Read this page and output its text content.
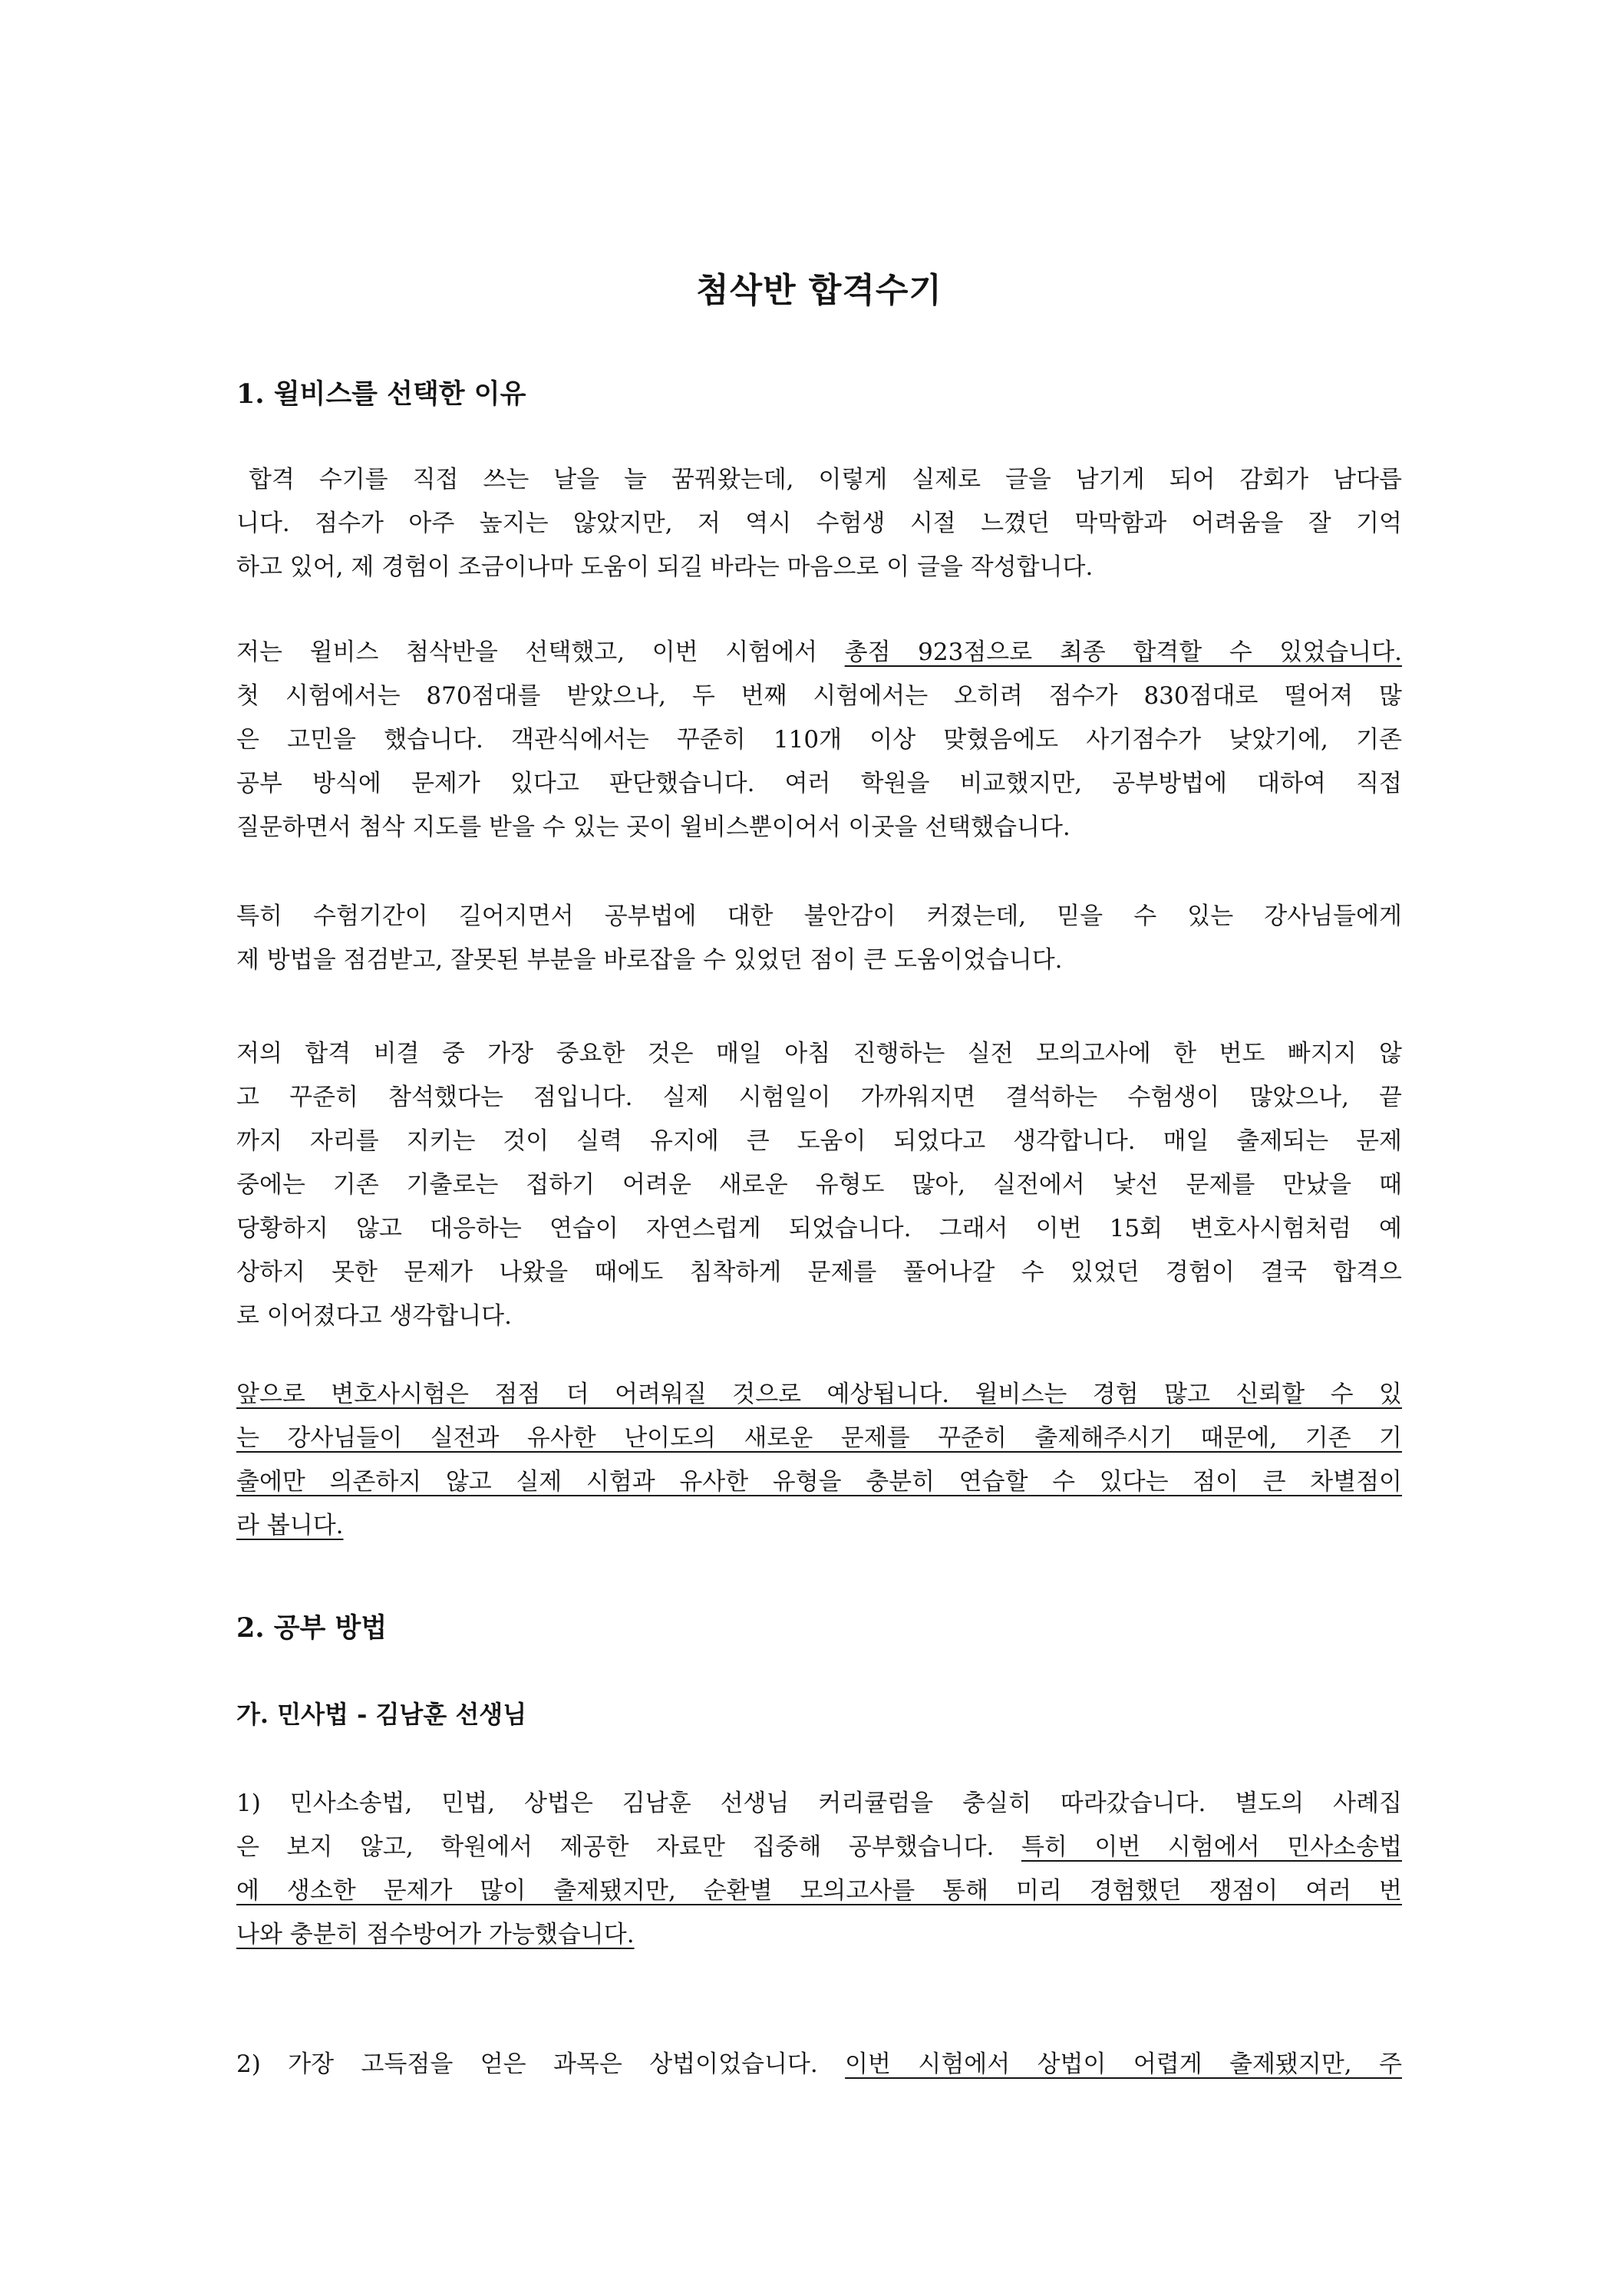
첨삭반 합격수기
1. 윌비스를 선택한 이유
합격 수기를 직접 쓰는 날을 늘 꿈꿔왔는데, 이렇게 실제로 글을 남기게 되어 감회가 남다릅
니다. 점수가 아주 높지는 않았지만, 저 역시 수험생 시절 느꼈던 막막함과 어려움을 잘 기억
하고 있어, 제 경험이 조금이나마 도움이 되길 바라는 마음으로 이 글을 작성합니다.
저는 윌비스 첨삭반을 선택했고, 이번 시험에서 총점 923점으로 최종 합격할 수 있었습니다.
첫 시험에서는 870점대를 받았으나, 두 번째 시험에서는 오히려 점수가 830점대로 떨어져 많
은 고민을 했습니다. 객관식에서는 꾸준히 110개 이상 맞혔음에도 사기점수가 낮았기에, 기존
공부 방식에 문제가 있다고 판단했습니다. 여러 학원을 비교했지만, 공부방법에 대하여 직접
질문하면서 첨삭 지도를 받을 수 있는 곳이 윌비스뿐이어서 이곳을 선택했습니다.
특히 수험기간이 길어지면서 공부법에 대한 불안감이 커졌는데, 믿을 수 있는 강사님들에게
제 방법을 점검받고, 잘못된 부분을 바로잡을 수 있었던 점이 큰 도움이었습니다.
저의 합격 비결 중 가장 중요한 것은 매일 아침 진행하는 실전 모의고사에 한 번도 빠지지 않
고 꾸준히 참석했다는 점입니다. 실제 시험일이 가까워지면 결석하는 수험생이 많았으나, 끝
까지 자리를 지키는 것이 실력 유지에 큰 도움이 되었다고 생각합니다. 매일 출제되는 문제
중에는 기존 기출로는 접하기 어려운 새로운 유형도 많아, 실전에서 낯선 문제를 만났을 때
당황하지 않고 대응하는 연습이 자연스럽게 되었습니다. 그래서 이번 15회 변호사시험처럼 예
상하지 못한 문제가 나왔을 때에도 침착하게 문제를 풀어나갈 수 있었던 경험이 결국 합격으
로 이어졌다고 생각합니다.
앞으로 변호사시험은 점점 더 어려워질 것으로 예상됩니다. 윌비스는 경험 많고 신뢰할 수 있
는 강사님들이 실전과 유사한 난이도의 새로운 문제를 꾸준히 출제해주시기 때문에, 기존 기
출에만 의존하지 않고 실제 시험과 유사한 유형을 충분히 연습할 수 있다는 점이 큰 차별점이
라 봅니다.
2. 공부 방법
가. 민사법 - 김남훈 선생님
1) 민사소송법, 민법, 상법은 김남훈 선생님 커리큘럼을 충실히 따라갔습니다. 별도의 사례집
은 보지 않고, 학원에서 제공한 자료만 집중해 공부했습니다. 특히 이번 시험에서 민사소송법
에 생소한 문제가 많이 출제됐지만, 순환별 모의고사를 통해 미리 경험했던 쟁점이 여러 번
나와 충분히 점수방어가 가능했습니다.
2) 가장 고득점을 얻은 과목은 상법이었습니다. 이번 시험에서 상법이 어렵게 출제됐지만, 주
